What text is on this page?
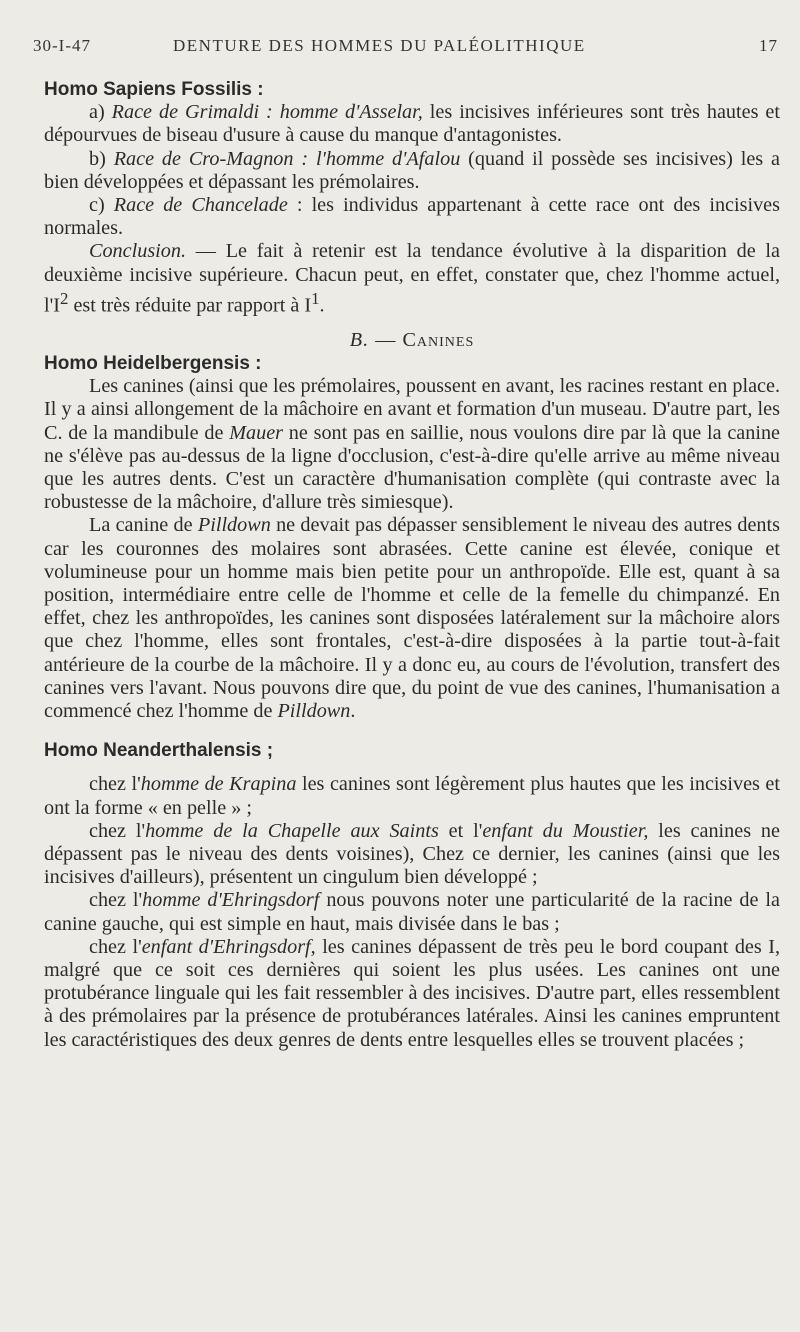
30-I-47	DENTURE DES HOMMES DU PALÉOLITHIQUE	17
Homo Sapiens Fossilis :

a) Race de Grimaldi : homme d'Asselar, les incisives inférieures sont très hautes et dépourvues de biseau d'usure à cause du manque d'antagonistes.

b) Race de Cro-Magnon : l'homme d'Afalou (quand il possède ses incisives) les a bien développées et dépassant les prémolaires.

c) Race de Chancelade : les individus appartenant à cette race ont des incisives normales.

Conclusion. — Le fait à retenir est la tendance évolutive à la disparition de la deuxième incisive supérieure. Chacun peut, en effet, constater que, chez l'homme actuel, $l'I^2$ est très réduite par rapport à $I^1$.

B. — Canines

Homo Heidelbergensis :

Les canines (ainsi que les prémolaires, poussent en avant, les racines restant en place. Il y a ainsi allongement de la mâchoire en avant et formation d'un museau. D'autre part, les C. de la mandibule de Mauer ne sont pas en saillie, nous voulons dire par là que la canine ne s'élève pas au-dessus de la ligne d'occlusion, c'est-à-dire qu'elle arrive au même niveau que les autres dents. C'est un caractère d'humanisation complète (qui contraste avec la robustesse de la mâchoire, d'allure très simiesque).

La canine de Pilldown ne devait pas dépasser sensiblement le niveau des autres dents car les couronnes des molaires sont abrasées. Cette canine est élevée, conique et volumineuse pour un homme mais bien petite pour un anthropoïde. Elle est, quant à sa position, intermédiaire entre celle de l'homme et celle de la femelle du chimpanzé. En effet, chez les anthropoïdes, les canines sont disposées latéralement sur la mâchoire alors que chez l'homme, elles sont frontales, c'est-à-dire disposées à la partie tout-à-fait antérieure de la courbe de la mâchoire. Il y a donc eu, au cours de l'évolution, transfert des canines vers l'avant. Nous pouvons dire que, du point de vue des canines, l'humanisation a commencé chez l'homme de Pilldown.

Homo Neanderthalensis ;

chez l'homme de Krapina les canines sont légèrement plus hautes que les incisives et ont la forme « en pelle » ;

chez l'homme de la Chapelle aux Saints et l'enfant du Moustier, les canines ne dépassent pas le niveau des dents voisines), Chez ce dernier, les canines (ainsi que les incisives d'ailleurs), présentent un cingulum bien développé ;

chez l'homme d'Ehringsdorf nous pouvons noter une particularité de la racine de la canine gauche, qui est simple en haut, mais divisée dans le bas ;

chez l'enfant d'Ehringsdorf, les canines dépassent de très peu le bord coupant des I, malgré que ce soit ces dernières qui soient les plus usées. Les canines ont une protubérance linguale qui les fait ressembler à des incisives. D'autre part, elles ressemblent à des prémolaires par la présence de protubérances latérales. Ainsi les canines empruntent les caractéristiques des deux genres de dents entre lesquelles elles se trouvent placées ;
